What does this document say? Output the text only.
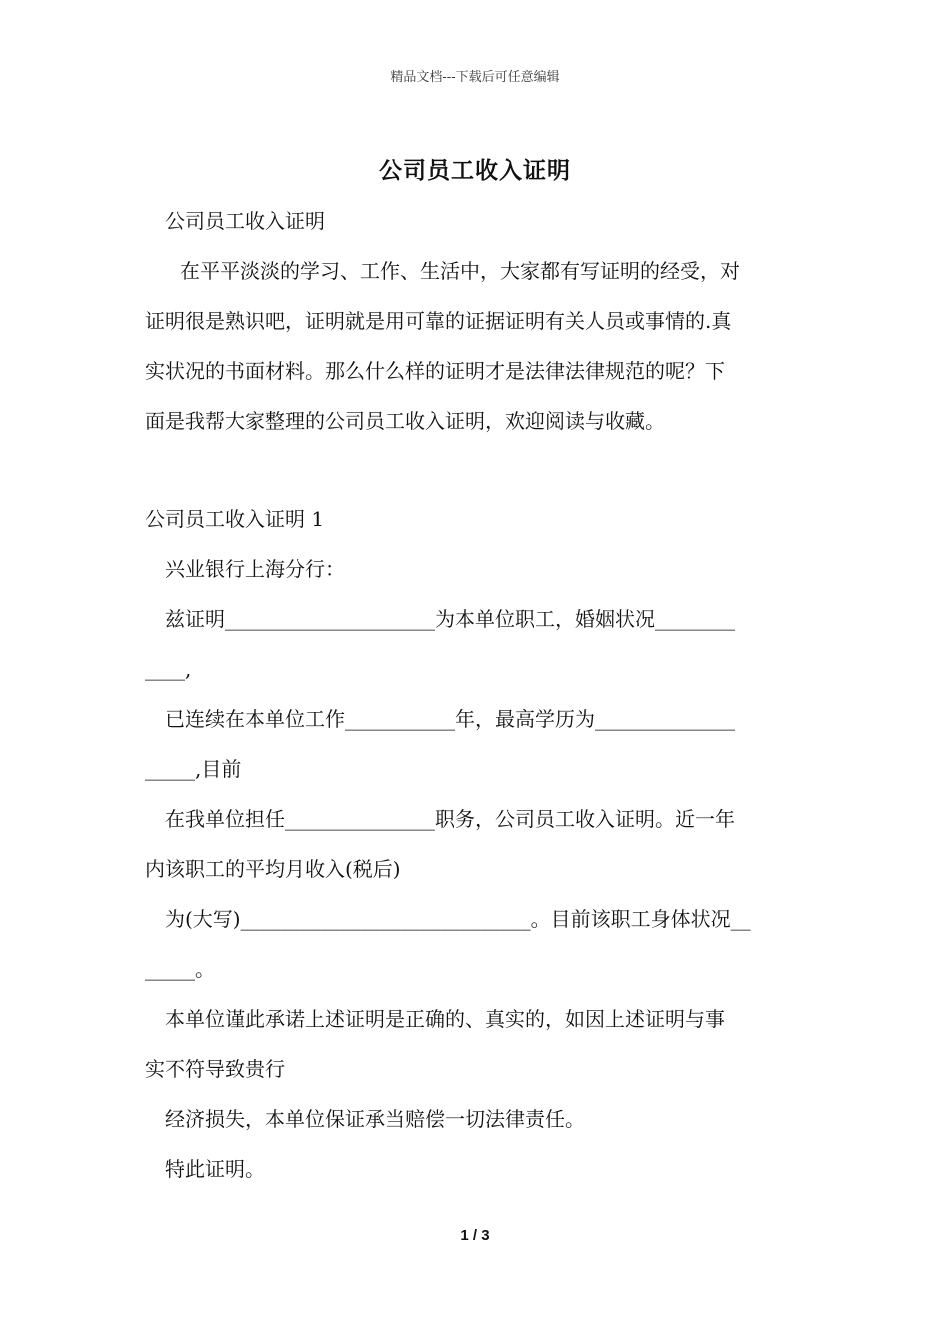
精品文档---下载后可任意编辑
公司员工收入证明
公司员工收入证明
在平平淡淡的学习、工作、生活中，大家都有写证明的经受，对
证明很是熟识吧，证明就是用可靠的证据证明有关人员或事情的.真
实状况的书面材料。那么什么样的证明才是法律法律规范的呢？下
面是我帮大家整理的公司员工收入证明，欢迎阅读与收藏。
公司员工收入证明 1
兴业银行上海分行：
兹证明_____________________为本单位职工，婚姻状况________
____,
已连续在本单位工作___________年，最高学历为______________
_____,目前
在我单位担任_______________职务，公司员工收入证明。近一年
内该职工的平均月收入(税后)
为(大写)_____________________________。目前该职工身体状况__
_____。
本单位谨此承诺上述证明是正确的、真实的，如因上述证明与事
实不符导致贵行
经济损失，本单位保证承当赔偿一切法律责任。
特此证明。
1 / 3
